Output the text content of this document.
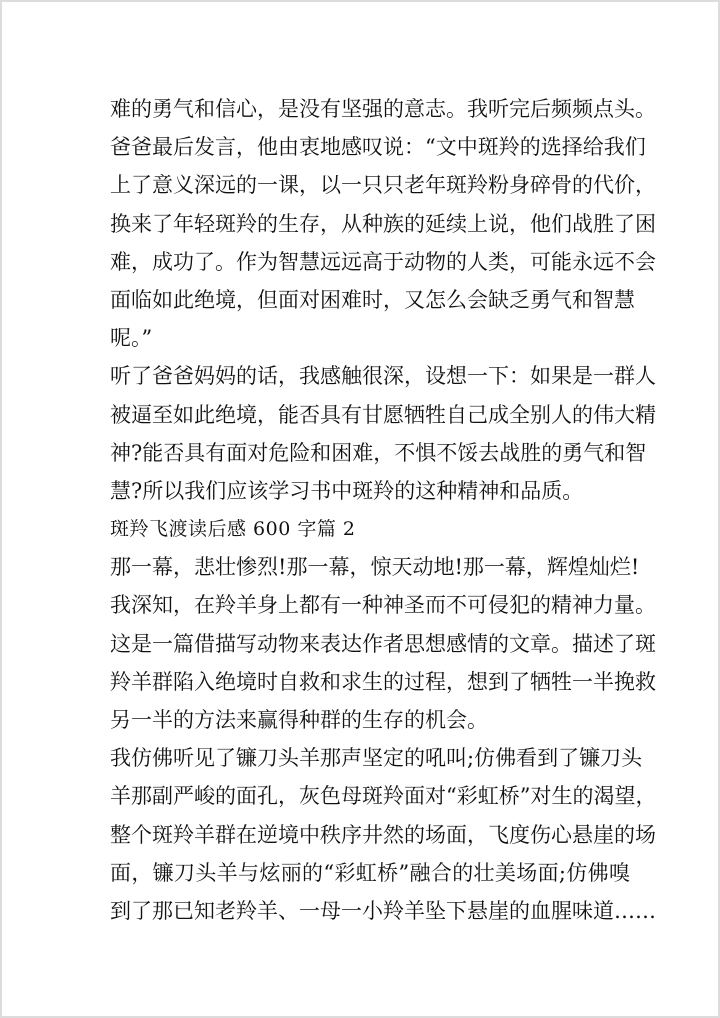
难的勇气和信心，是没有坚强的意志。我听完后频频点头。
爸爸最后发言，他由衷地感叹说：“文中斑羚的选择给我们
上了意义深远的一课，以一只只老年斑羚粉身碎骨的代价，
换来了年轻斑羚的生存，从种族的延续上说，他们战胜了困
难，成功了。作为智慧远远高于动物的人类，可能永远不会
面临如此绝境，但面对困难时，又怎么会缺乏勇气和智慧
呢。”
听了爸爸妈妈的话，我感触很深，设想一下：如果是一群人
被逼至如此绝境，能否具有甘愿牺牲自己成全别人的伟大精
神?能否具有面对危险和困难，不惧不馁去战胜的勇气和智
慧?所以我们应该学习书中斑羚的这种精神和品质。
斑羚飞渡读后感 600 字篇 2
那一幕，悲壮惨烈!那一幕，惊天动地!那一幕，辉煌灿烂!
我深知，在羚羊身上都有一种神圣而不可侵犯的精神力量。
这是一篇借描写动物来表达作者思想感情的文章。描述了斑
羚羊群陷入绝境时自救和求生的过程，想到了牺牲一半挽救
另一半的方法来赢得种群的生存的机会。
我仿佛听见了镰刀头羊那声坚定的吼叫;仿佛看到了镰刀头
羊那副严峻的面孔，灰色母斑羚面对“彩虹桥”对生的渴望，
整个斑羚羊群在逆境中秩序井然的场面，飞度伤心悬崖的场
面，镰刀头羊与炫丽的“彩虹桥”融合的壮美场面;仿佛嗅
到了那已知老羚羊、一母一小羚羊坠下悬崖的血腥味道……
